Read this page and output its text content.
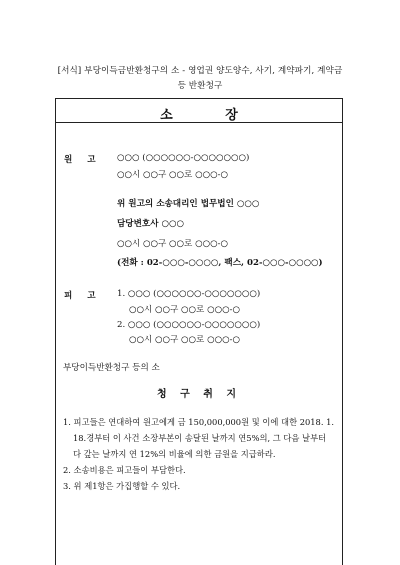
[서식] 부당이득금반환청구의 소 - 영업권 양도양수, 사기, 계약파기, 계약금
등 반환청구
소 장
원 고 ○○○ (○○○○○○-○○○○○○○)
○○시 ○○구 ○○로 ○○○-○
위 원고의 소송대리인 법무법인 ○○○
담당변호사 ○○○
○○시 ○○구 ○○로 ○○○-○
(전화 : 02-○○○-○○○○, 팩스, 02-○○○-○○○○)
피 고 1. ○○○ (○○○○○○-○○○○○○○)
○○시 ○○구 ○○로 ○○○-○
2. ○○○ (○○○○○○-○○○○○○○)
○○시 ○○구 ○○로 ○○○-○
부당이득반환청구 등의 소
청 구 취 지
1. 피고들은 연대하여 원고에게 금 150,000,000원 및 이에 대한 2018. 1.
18.경부터 이 사건 소장부본이 송달된 날까지 연5%의, 그 다음 날부터
다 갚는 날까지 연 12%의 비율에 의한 금원을 지급하라.
2. 소송비용은 피고들이 부담한다.
3. 위 제1항은 가집행할 수 있다.
